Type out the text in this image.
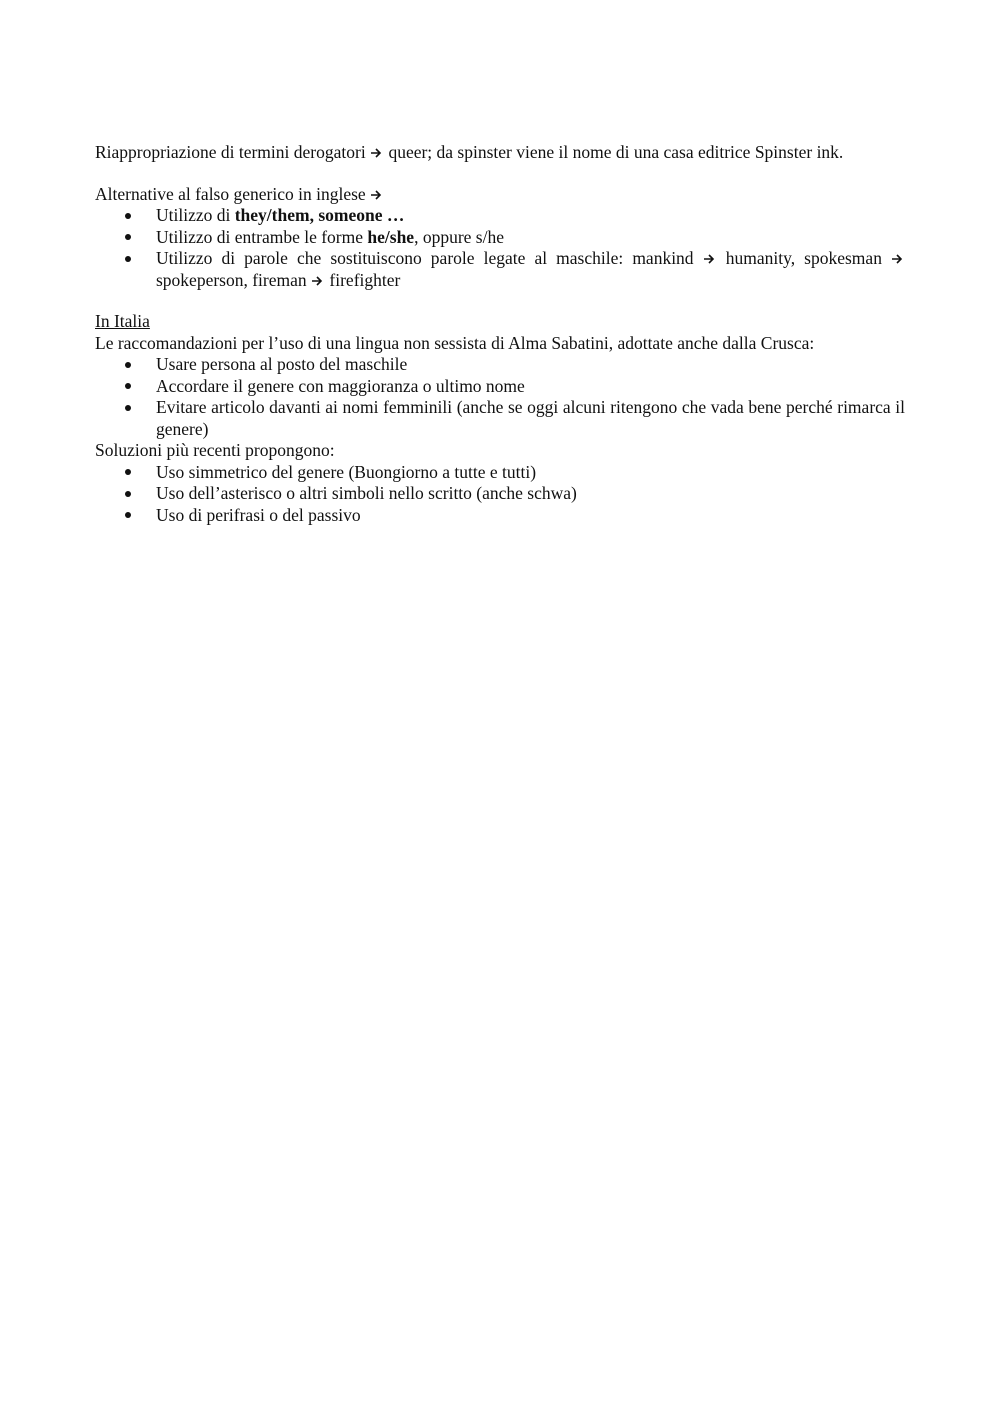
Riappropriazione di termini derogatori queer; da spinster viene il nome di una casa editrice Spinster ink.

Alternative al falso generico in inglese

Utilizzo di they/them, someone …
Utilizzo di entrambe le forme he/she, oppure s/he
Utilizzo di parole che sostituiscono parole legate al maschile: mankind humanity, spokesman
spokeperson, fireman firefighter

In Italia

Le raccomandazioni per l’uso di una lingua non sessista di Alma Sabatini, adottate anche dalla Crusca:

Usare persona al posto del maschile
Accordare il genere con maggioranza o ultimo nome
Evitare articolo davanti ai nomi femminili (anche se oggi alcuni ritengono che vada bene perché rimarca il genere)

Soluzioni più recenti propongono:

Uso simmetrico del genere (Buongiorno a tutte e tutti)
Uso dell’asterisco o altri simboli nello scritto (anche schwa)
Uso di perifrasi o del passivo
